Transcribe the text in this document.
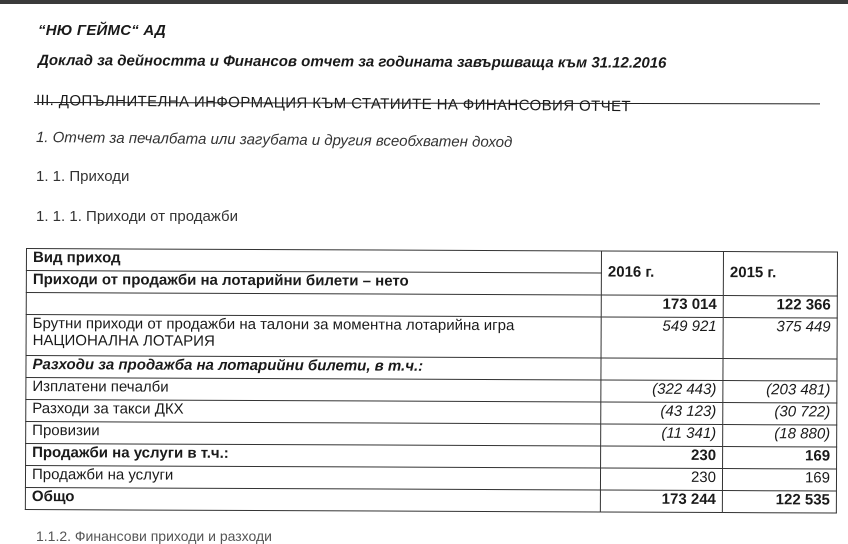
“НЮ ГЕЙМС“ АД
Доклад за дейността и Финансов отчет за годината завършваща към 31.12.2016
III. ДОПЪЛНИТЕЛНА ИНФОРМАЦИЯ КЪМ СТАТИИТЕ НА ФИНАНСОВИЯ ОТЧЕТ
1. Отчет за печалбата или загубата и другия всеобхватен доход
1. 1. Приходи
1. 1. 1. Приходи от продажби
Вид приход	2016 г.	2015 г.
Приходи от продажби на лотарийни билети – нето		
	173 014	122 366

Брутни приходи от продажби на талони за моментна лотарийна игра
НАЦИОНАЛНА ЛОТАРИЯ	549 921	375 449
Разходи за продажба на лотарийни билети, в т.ч.:		
Изплатени печалби	(322 443)	(203 481)
Разходи за такси ДКХ	(43 123)	(30 722)
Провизии	(11 341)	(18 880)
Продажби на услуги в т.ч.:	230	169
Продажби на услуги	230	169
Общо	173 244	122 535
1.1.2. Финансови приходи и разходи
